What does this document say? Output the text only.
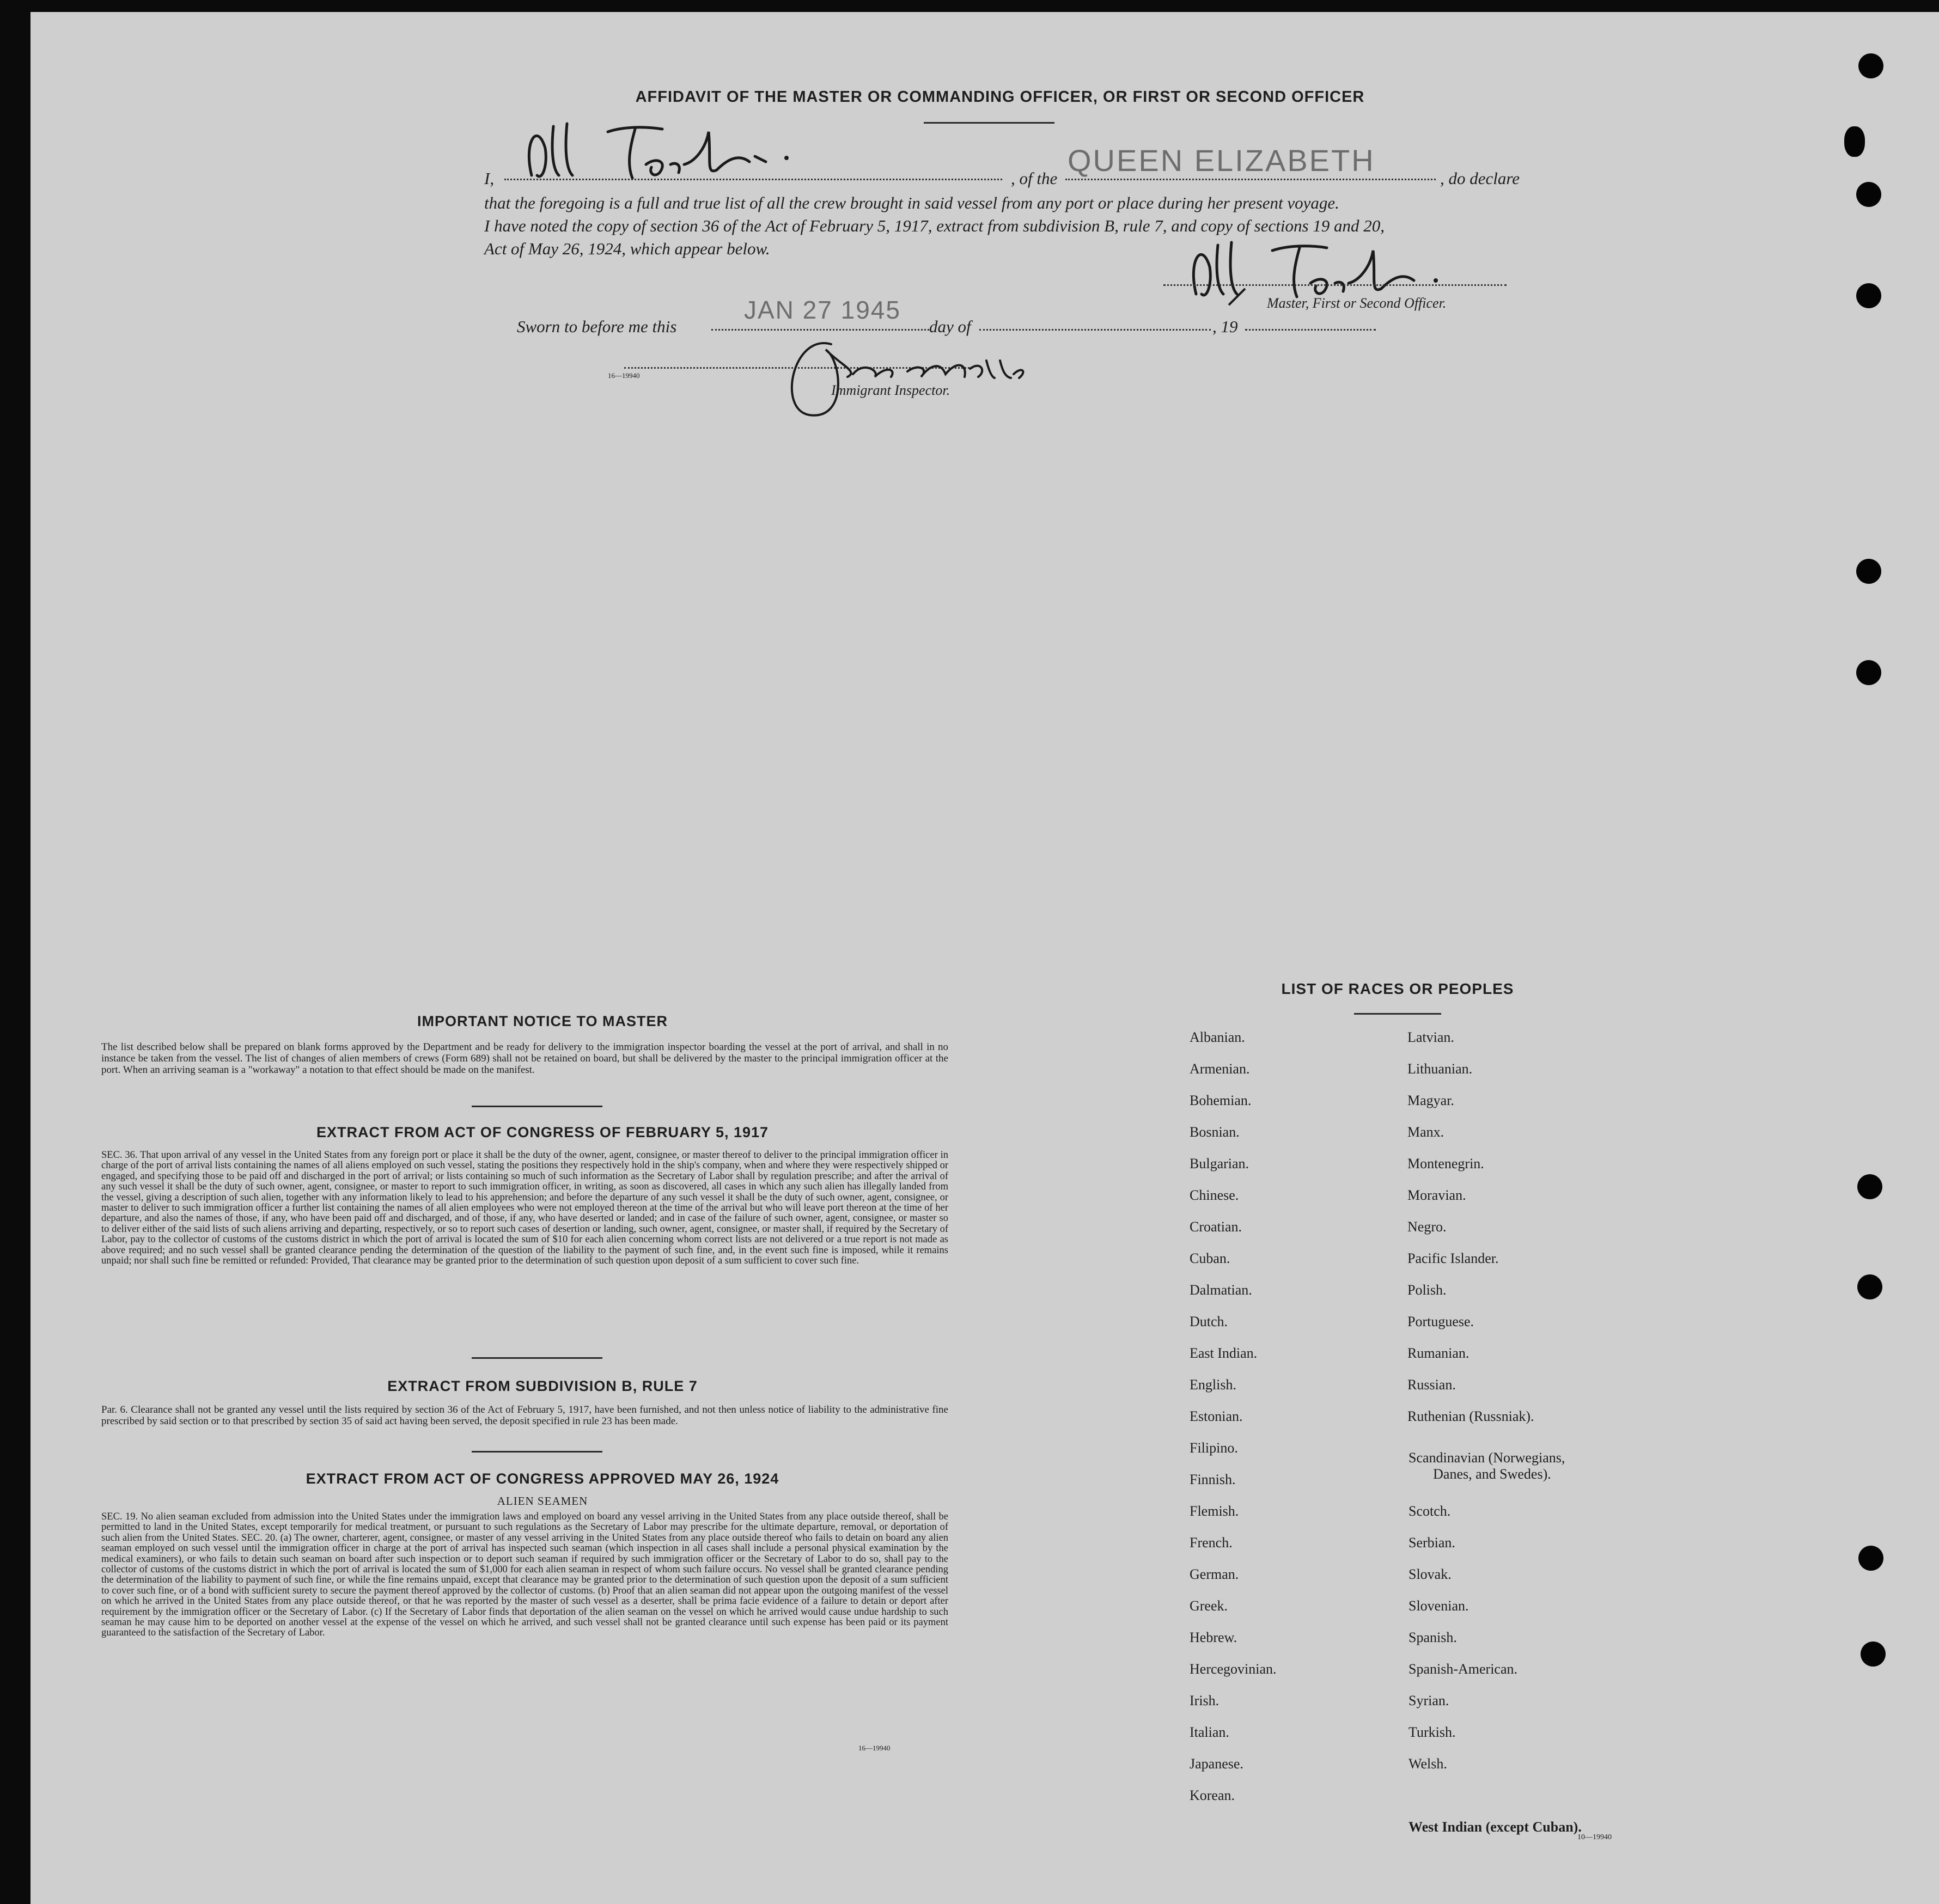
AFFIDAVIT OF THE MASTER OR COMMANDING OFFICER, OR FIRST OR SECOND OFFICER
I,	, of the
QUEEN ELIZABETH
, do declare
that the foregoing is a full and true list of all the crew brought in said vessel from any port or place during her present voyage.
I have noted the copy of section 36 of the Act of February 5, 1917, extract from subdivision B, rule 7, and copy of sections 19 and 20,
Act of May 26, 1924, which appear below.
Master, First or Second Officer.
Sworn to before me this
JAN 27 1945
day of	, 19
16—19940
Immigrant Inspector.
IMPORTANT NOTICE TO MASTER
The list described below shall be prepared on blank forms approved by the Department and be ready for delivery to the immigration inspector boarding the vessel at the port of arrival, and shall in no instance be taken from the vessel. The list of changes of alien members of crews (Form 689) shall not be retained on board, but shall be delivered by the master to the principal immigration officer at the port. When an arriving seaman is a "workaway" a notation to that effect should be made on the manifest.
EXTRACT FROM ACT OF CONGRESS OF FEBRUARY 5, 1917
SEC. 36. That upon arrival of any vessel in the United States from any foreign port or place it shall be the duty of the owner, agent, consignee, or master thereof to deliver to the principal immigration officer in charge of the port of arrival lists containing the names of all aliens employed on such vessel, stating the positions they respectively hold in the ship's company, when and where they were respectively shipped or engaged, and specifying those to be paid off and discharged in the port of arrival; or lists containing so much of such information as the Secretary of Labor shall by regulation prescribe; and after the arrival of any such vessel it shall be the duty of such owner, agent, consignee, or master to report to such immigration officer, in writing, as soon as discovered, all cases in which any such alien has illegally landed from the vessel, giving a description of such alien, together with any information likely to lead to his apprehension; and before the departure of any such vessel it shall be the duty of such owner, agent, consignee, or master to deliver to such immigration officer a further list containing the names of all alien employees who were not employed thereon at the time of the arrival but who will leave port thereon at the time of her departure, and also the names of those, if any, who have been paid off and discharged, and of those, if any, who have deserted or landed; and in case of the failure of such owner, agent, consignee, or master so to deliver either of the said lists of such aliens arriving and departing, respectively, or so to report such cases of desertion or landing, such owner, agent, consignee, or master shall, if required by the Secretary of Labor, pay to the collector of customs of the customs district in which the port of arrival is located the sum of $10 for each alien concerning whom correct lists are not delivered or a true report is not made as above required; and no such vessel shall be granted clearance pending the determination of the question of the liability to the payment of such fine, and, in the event such fine is imposed, while it remains unpaid; nor shall such fine be remitted or refunded: Provided, That clearance may be granted prior to the determination of such question upon deposit of a sum sufficient to cover such fine.
EXTRACT FROM SUBDIVISION B, RULE 7
Par. 6. Clearance shall not be granted any vessel until the lists required by section 36 of the Act of February 5, 1917, have been furnished, and not then unless notice of liability to the administrative fine prescribed by said section or to that prescribed by section 35 of said act having been served, the deposit specified in rule 23 has been made.
EXTRACT FROM ACT OF CONGRESS APPROVED MAY 26, 1924
ALIEN SEAMEN
SEC. 19. No alien seaman excluded from admission into the United States under the immigration laws and employed on board any vessel arriving in the United States from any place outside thereof, shall be permitted to land in the United States, except temporarily for medical treatment, or pursuant to such regulations as the Secretary of Labor may prescribe for the ultimate departure, removal, or deportation of such alien from the United States. SEC. 20. (a) The owner, charterer, agent, consignee, or master of any vessel arriving in the United States from any place outside thereof who fails to detain on board any alien seaman employed on such vessel until the immigration officer in charge at the port of arrival has inspected such seaman (which inspection in all cases shall include a personal physical examination by the medical examiners), or who fails to detain such seaman on board after such inspection or to deport such seaman if required by such immigration officer or the Secretary of Labor to do so, shall pay to the collector of customs of the customs district in which the port of arrival is located the sum of $1,000 for each alien seaman in respect of whom such failure occurs. No vessel shall be granted clearance pending the determination of the liability to payment of such fine, or while the fine remains unpaid, except that clearance may be granted prior to the determination of such question upon the deposit of a sum sufficient to cover such fine, or of a bond with sufficient surety to secure the payment thereof approved by the collector of customs. (b) Proof that an alien seaman did not appear upon the outgoing manifest of the vessel on which he arrived in the United States from any place outside thereof, or that he was reported by the master of such vessel as a deserter, shall be prima facie evidence of a failure to detain or deport after requirement by the immigration officer or the Secretary of Labor. (c) If the Secretary of Labor finds that deportation of the alien seaman on the vessel on which he arrived would cause undue hardship to such seaman he may cause him to be deported on another vessel at the expense of the vessel on which he arrived, and such vessel shall not be granted clearance until such expense has been paid or its payment guaranteed to the satisfaction of the Secretary of Labor.
16—19940
LIST OF RACES OR PEOPLES
Albanian.
Armenian.
Bohemian.
Bosnian.
Bulgarian.
Chinese.
Croatian.
Cuban.
Dalmatian.
Dutch.
East Indian.
English.
Estonian.
Filipino.
Finnish.
Flemish.
French.
German.
Greek.
Hebrew.
Hercegovinian.
Irish.
Italian.
Japanese.
Korean.
Latvian.
Lithuanian.
Magyar.
Manx.
Montenegrin.
Moravian.
Negro.
Pacific Islander.
Polish.
Portuguese.
Rumanian.
Russian.
Ruthenian (Russniak).
Scandinavian (Norwegians,
Danes, and Swedes).
Scotch.
Serbian.
Slovak.
Slovenian.
Spanish.
Spanish-American.
Syrian.
Turkish.
Welsh.
West Indian (except Cuban).
10—19940
